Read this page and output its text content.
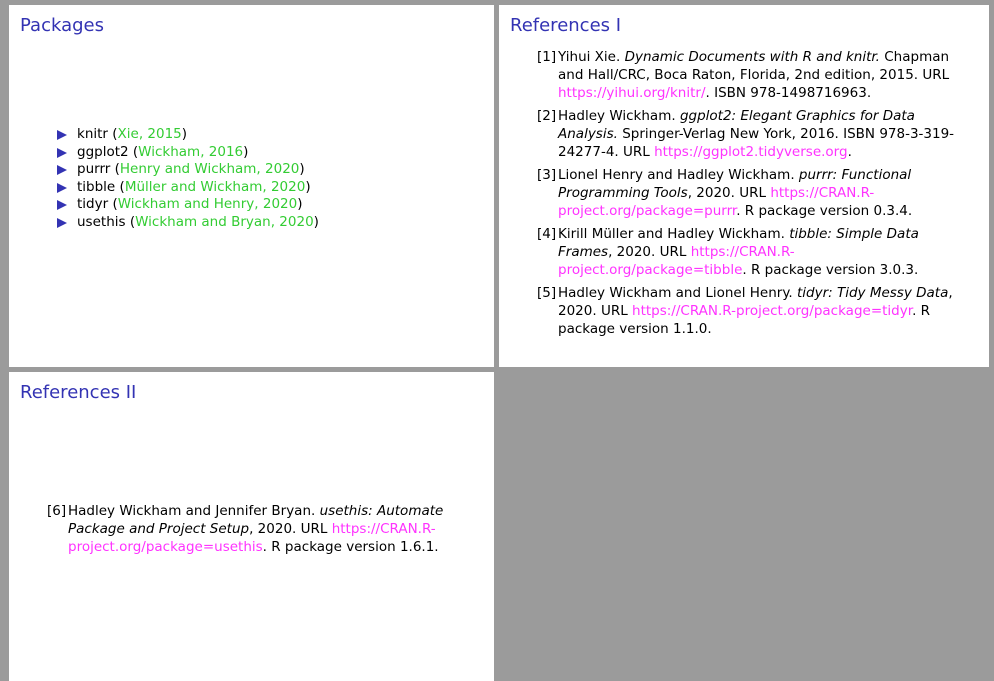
Packages
knitr (Xie, 2015)
ggplot2 (Wickham, 2016)
purrr (Henry and Wickham, 2020)
tibble (Müller and Wickham, 2020)
tidyr (Wickham and Henry, 2020)
usethis (Wickham and Bryan, 2020)
References I
[1] Yihui Xie. Dynamic Documents with R and knitr. Chapman and Hall/CRC, Boca Raton, Florida, 2nd edition, 2015. URL https://yihui.org/knitr/. ISBN 978-1498716963.
[2] Hadley Wickham. ggplot2: Elegant Graphics for Data Analysis. Springer-Verlag New York, 2016. ISBN 978-3-319-24277-4. URL https://ggplot2.tidyverse.org.
[3] Lionel Henry and Hadley Wickham. purrr: Functional Programming Tools, 2020. URL https://CRAN.R-project.org/package=purrr. R package version 0.3.4.
[4] Kirill Müller and Hadley Wickham. tibble: Simple Data Frames, 2020. URL https://CRAN.R-project.org/package=tibble. R package version 3.0.3.
[5] Hadley Wickham and Lionel Henry. tidyr: Tidy Messy Data, 2020. URL https://CRAN.R-project.org/package=tidyr. R package version 1.1.0.
References II
[6] Hadley Wickham and Jennifer Bryan. usethis: Automate Package and Project Setup, 2020. URL https://CRAN.R-project.org/package=usethis. R package version 1.6.1.
